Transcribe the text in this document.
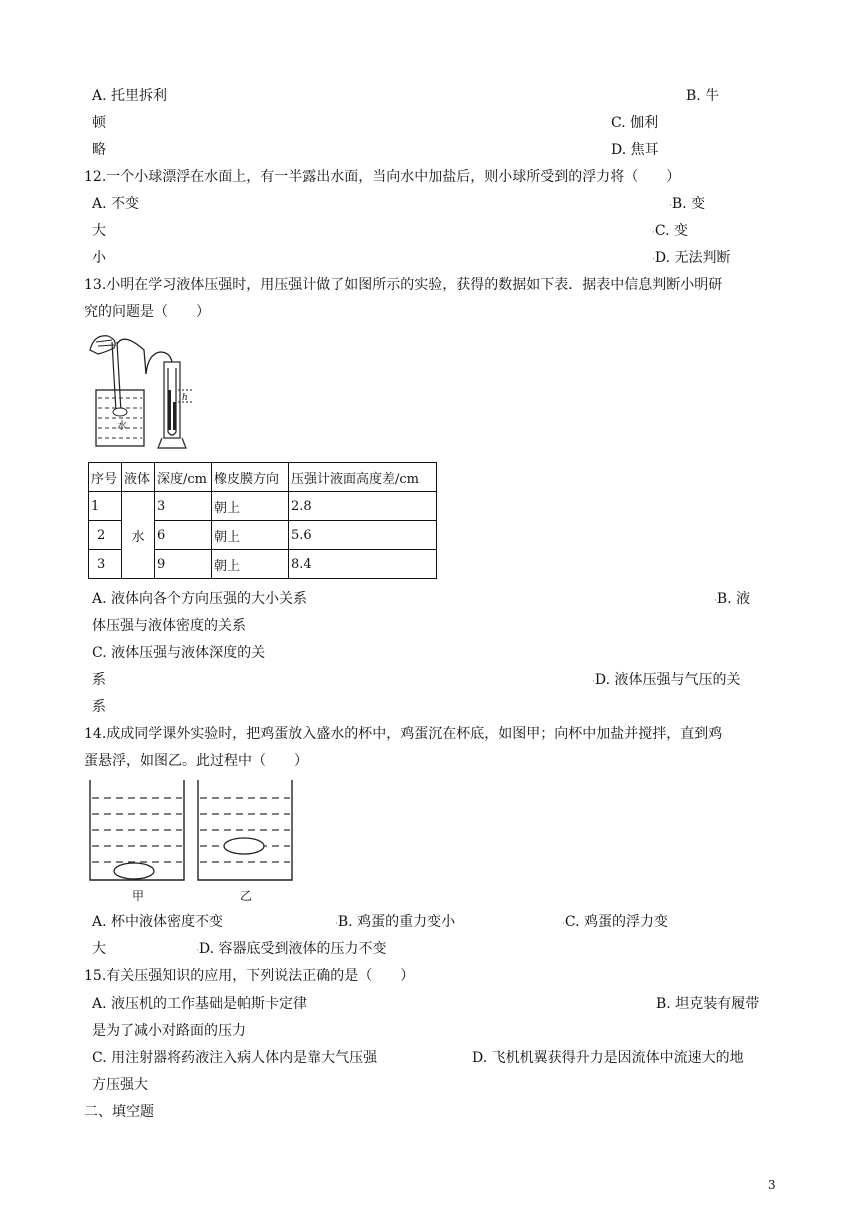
A. 托里拆利	B. 牛
顿	C. 伽利
略	D. 焦耳
12.一个小球漂浮在水面上，有一半露出水面，当向水中加盐后，则小球所受到的浮力将（　　）
A. 不变	·B. 变
大	·C. 变
小	·D. 无法判断
13.小明在学习液体压强时，用压强计做了如图所示的实验，获得的数据如下表．据表中信息判断小明研
究的问题是（　　）
水
h
序号	液体	深度/cm	橡皮膜方向	压强计液面高度差/cm
1	水	3	朝上	2.8
2		6	朝上	5.6
3		9	朝上	8.4
A. 液体向各个方向压强的大小关系	·B. 液
体压强与液体密度的关系
C. 液体压强与液体深度的关
系	·D. 液体压强与气压的关
系
14.成成同学课外实验时，把鸡蛋放入盛水的杯中，鸡蛋沉在杯底，如图甲；向杯中加盐并搅拌，直到鸡
蛋悬浮，如图乙。此过程中（　　）
甲	乙
A. 杯中液体密度不变	·B. 鸡蛋的重力变小	·C. 鸡蛋的浮力变
大	·D. 容器底受到液体的压力不变
15.有关压强知识的应用，下列说法正确的是（　　）
A. 液压机的工作基础是帕斯卡定律	B. 坦克装有履带
是为了减小对路面的压力
C. 用注射器将药液注入病人体内是靠大气压强	D. 飞机机翼获得升力是因流体中流速大的地
方压强大
二、填空题
3
